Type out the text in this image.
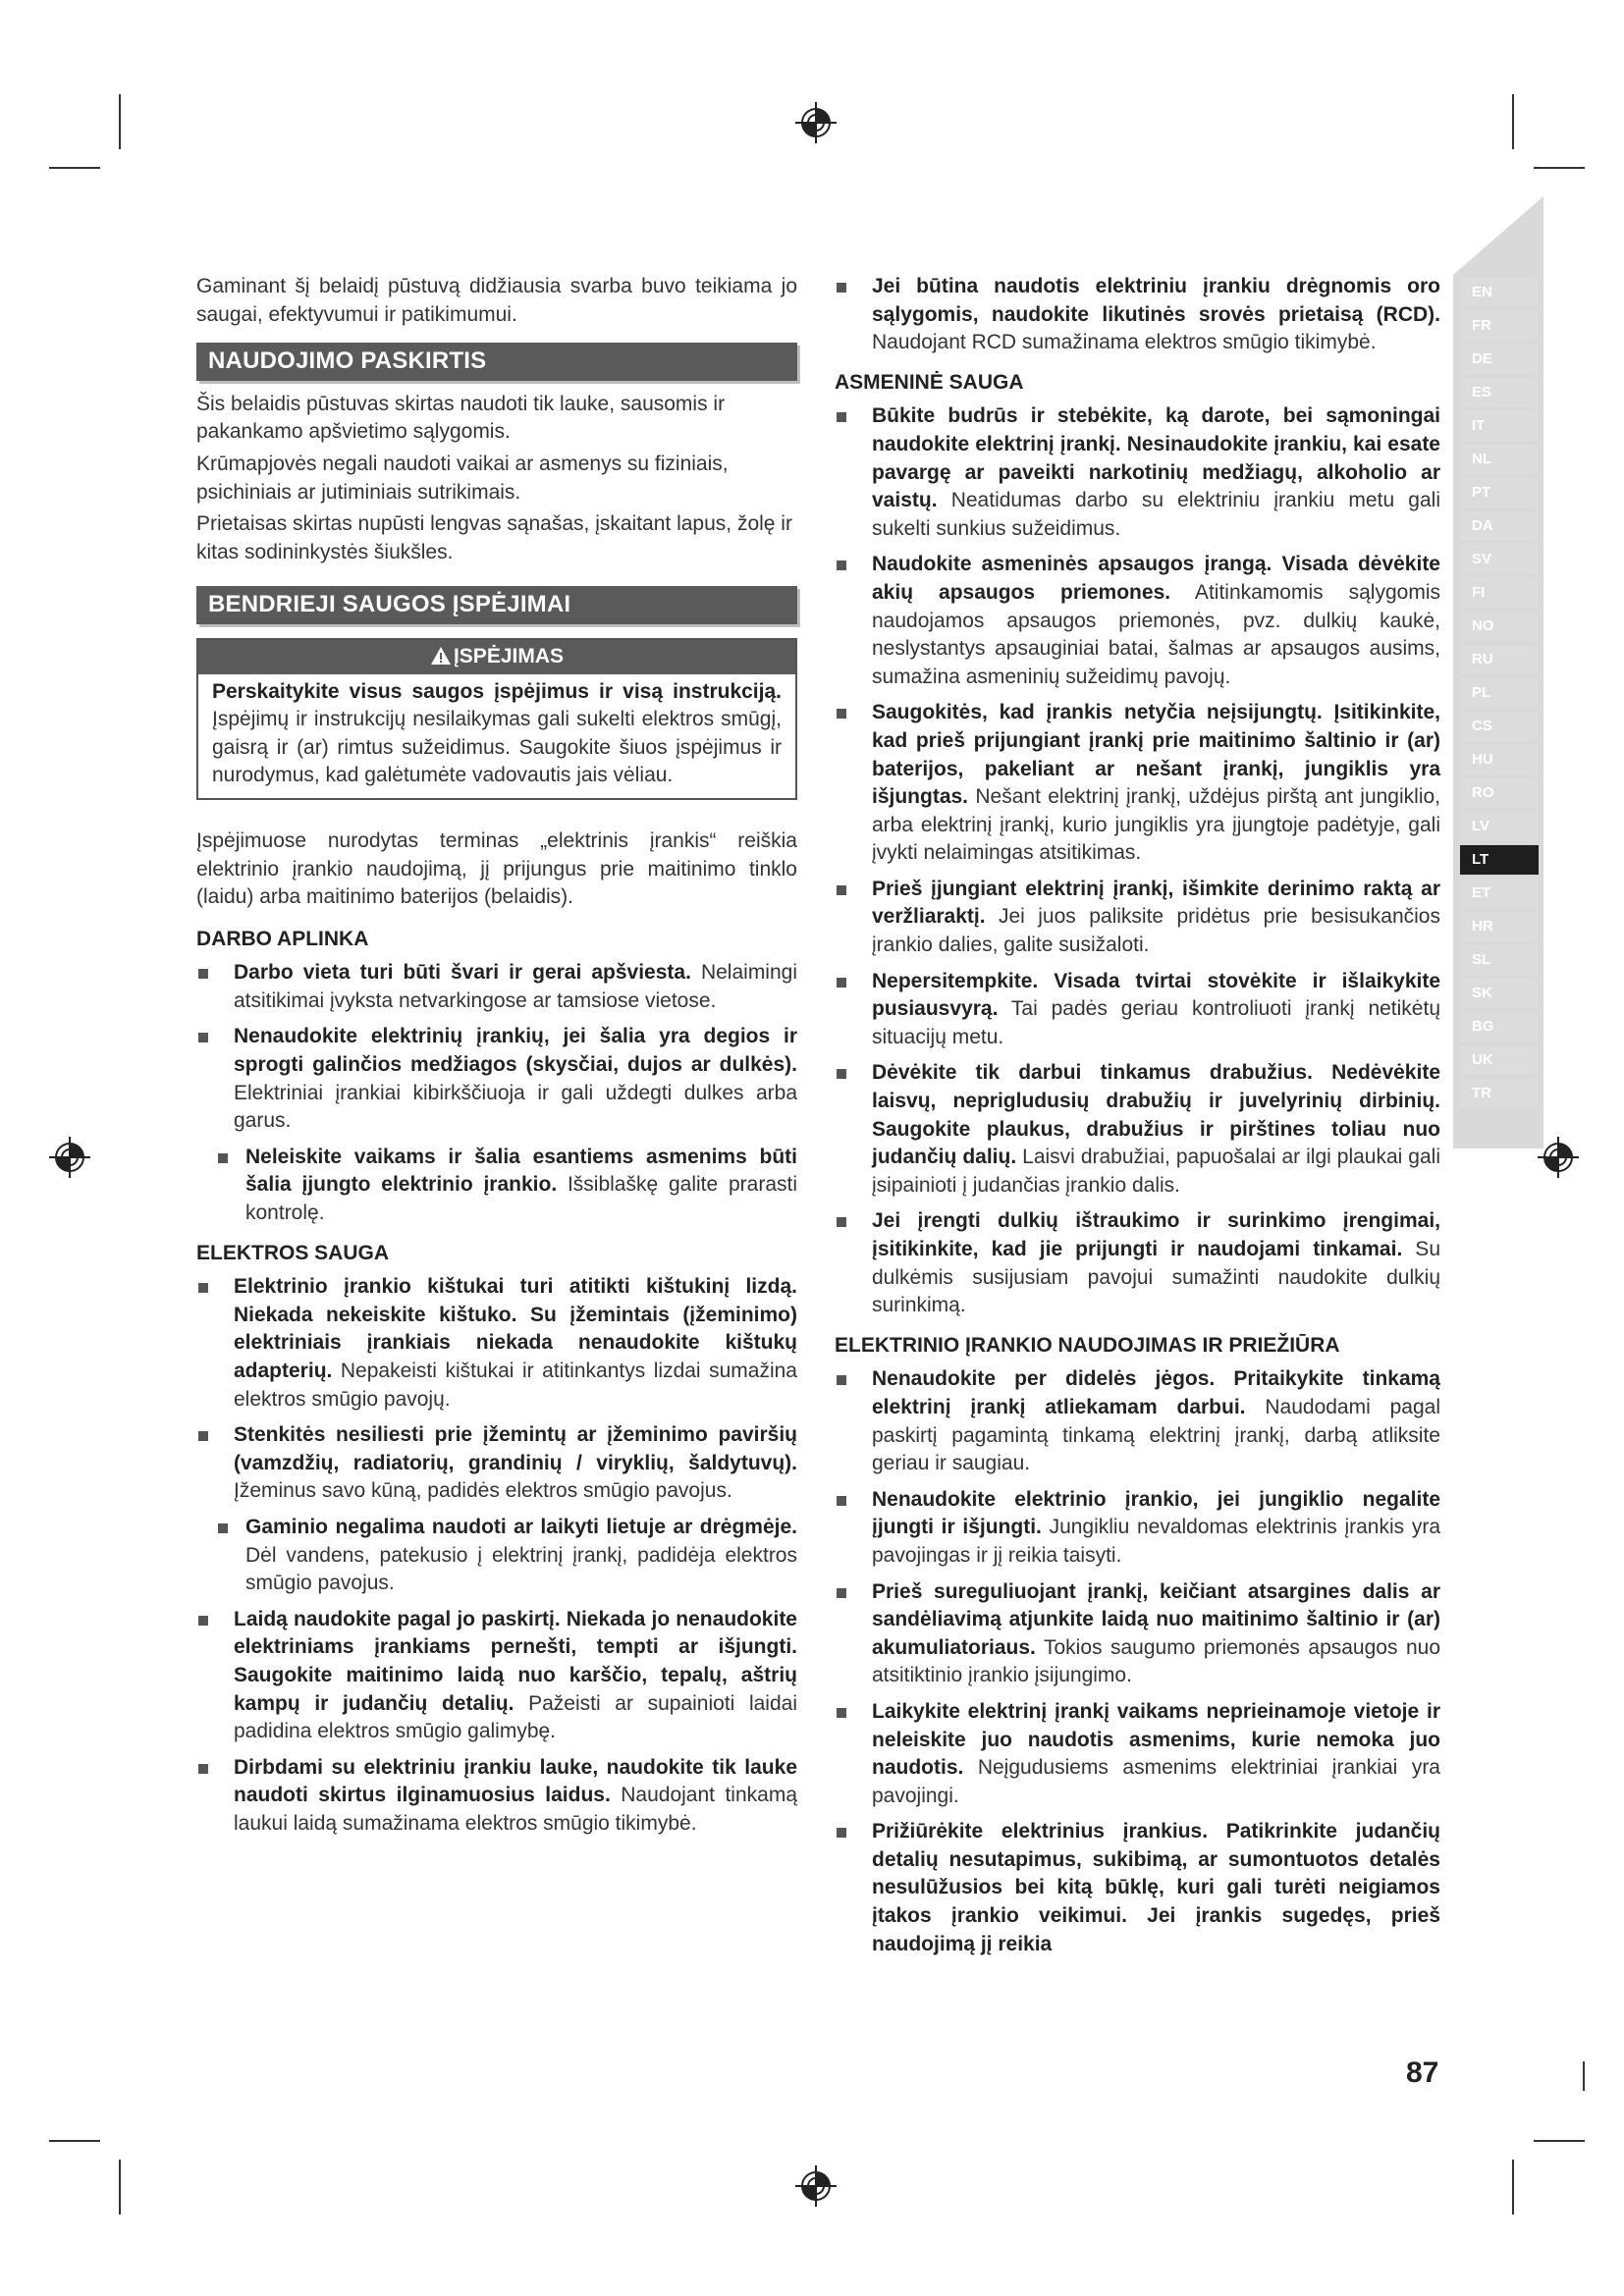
EN
FR
DE
ES
IT
NL
PT
DA
SV
FI
NO
RU
PL
CS
HU
RO
LV
LT
ET
HR
SL
SK
BG
UK
TR

Gaminant šį belaidį pūstuvą didžiausia svarba buvo teikiama jo saugai, efektyvumui ir patikimumui.

NAUDOJIMO PASKIRTIS

Šis belaidis pūstuvas skirtas naudoti tik lauke, sausomis ir pakankamo apšvietimo sąlygomis.

Krūmapjovės negali naudoti vaikai ar asmenys su fiziniais, psichiniais ar jutiminiais sutrikimais.

Prietaisas skirtas nupūsti lengvas sąnašas, įskaitant lapus, žolę ir kitas sodininkystės šiukšles.

BENDRIEJI SAUGOS ĮSPĖJIMAI
ĮSPĖJIMAS

Perskaitykite visus saugos įspėjimus ir visą instrukciją. Įspėjimų ir instrukcijų nesilaikymas gali sukelti elektros smūgį, gaisrą ir (ar) rimtus sužeidimus. Saugokite šiuos įspėjimus ir nurodymus, kad galėtumėte vadovautis jais vėliau.

Įspėjimuose nurodytas terminas „elektrinis įrankis“ reiškia elektrinio įrankio naudojimą, jį prijungus prie maitinimo tinklo (laidu) arba maitinimo baterijos (belaidis).

DARBO APLINKA
Darbo vieta turi būti švari ir gerai apšviesta. Nelaimingi atsitikimai įvyksta netvarkingose ar tamsiose vietose.
Nenaudokite elektrinių įrankių, jei šalia yra degios ir sprogti galinčios medžiagos (skysčiai, dujos ar dulkės). Elektriniai įrankiai kibirkščiuoja ir gali uždegti dulkes arba garus.
Neleiskite vaikams ir šalia esantiems asmenims būti šalia įjungto elektrinio įrankio. Išsiblaškę galite prarasti kontrolę.
ELEKTROS SAUGA
Elektrinio įrankio kištukai turi atitikti kištukinį lizdą. Niekada nekeiskite kištuko. Su įžemintais (įžeminimo) elektriniais įrankiais niekada nenaudokite kištukų adapterių. Nepakeisti kištukai ir atitinkantys lizdai sumažina elektros smūgio pavojų.
Stenkitės nesiliesti prie įžemintų ar įžeminimo paviršių (vamzdžių, radiatorių, grandinių / viryklių, šaldytuvų). Įžeminus savo kūną, padidės elektros smūgio pavojus.
Gaminio negalima naudoti ar laikyti lietuje ar drėgmėje. Dėl vandens, patekusio į elektrinį įrankį, padidėja elektros smūgio pavojus.
Laidą naudokite pagal jo paskirtį. Niekada jo nenaudokite elektriniams įrankiams pernešti, tempti ar išjungti. Saugokite maitinimo laidą nuo karščio, tepalų, aštrių kampų ir judančių detalių. Pažeisti ar supainioti laidai padidina elektros smūgio galimybę.
Dirbdami su elektriniu įrankiu lauke, naudokite tik lauke naudoti skirtus ilginamuosius laidus. Naudojant tinkamą laukui laidą sumažinama elektros smūgio tikimybė.
Jei būtina naudotis elektriniu įrankiu drėgnomis oro sąlygomis, naudokite likutinės srovės prietaisą (RCD). Naudojant RCD sumažinama elektros smūgio tikimybė.
ASMENINĖ SAUGA
Būkite budrūs ir stebėkite, ką darote, bei sąmoningai naudokite elektrinį įrankį. Nesinaudokite įrankiu, kai esate pavargę ar paveikti narkotinių medžiagų, alkoholio ar vaistų. Neatidumas darbo su elektriniu įrankiu metu gali sukelti sunkius sužeidimus.
Naudokite asmeninės apsaugos įrangą. Visada dėvėkite akių apsaugos priemones. Atitinkamomis sąlygomis naudojamos apsaugos priemonės, pvz. dulkių kaukė, neslystantys apsauginiai batai, šalmas ar apsaugos ausims, sumažina asmeninių sužeidimų pavojų.
Saugokitės, kad įrankis netyčia neįsijungtų. Įsitikinkite, kad prieš prijungiant įrankį prie maitinimo šaltinio ir (ar) baterijos, pakeliant ar nešant įrankį, jungiklis yra išjungtas. Nešant elektrinį įrankį, uždėjus pirštą ant jungiklio, arba elektrinį įrankį, kurio jungiklis yra įjungtoje padėtyje, gali įvykti nelaimingas atsitikimas.
Prieš įjungiant elektrinį įrankį, išimkite derinimo raktą ar veržliaraktį. Jei juos paliksite pridėtus prie besisukančios įrankio dalies, galite susižaloti.
Nepersitempkite. Visada tvirtai stovėkite ir išlaikykite pusiausvyrą. Tai padės geriau kontroliuoti įrankį netikėtų situacijų metu.
Dėvėkite tik darbui tinkamus drabužius. Nedėvėkite laisvų, neprigludusių drabužių ir juvelyrinių dirbinių. Saugokite plaukus, drabužius ir pirštines toliau nuo judančių dalių. Laisvi drabužiai, papuošalai ar ilgi plaukai gali įsipainioti į judančias įrankio dalis.
Jei įrengti dulkių ištraukimo ir surinkimo įrengimai, įsitikinkite, kad jie prijungti ir naudojami tinkamai. Su dulkėmis susijusiam pavojui sumažinti naudokite dulkių surinkimą.
ELEKTRINIO ĮRANKIO NAUDOJIMAS IR PRIEŽIŪRA
Nenaudokite per didelės jėgos. Pritaikykite tinkamą elektrinį įrankį atliekamam darbui. Naudodami pagal paskirtį pagamintą tinkamą elektrinį įrankį, darbą atliksite geriau ir saugiau.
Nenaudokite elektrinio įrankio, jei jungiklio negalite įjungti ir išjungti. Jungikliu nevaldomas elektrinis įrankis yra pavojingas ir jį reikia taisyti.
Prieš sureguliuojant įrankį, keičiant atsargines dalis ar sandėliavimą atjunkite laidą nuo maitinimo šaltinio ir (ar) akumuliatoriaus. Tokios saugumo priemonės apsaugos nuo atsitiktinio įrankio įsijungimo.
Laikykite elektrinį įrankį vaikams neprieinamoje vietoje ir neleiskite juo naudotis asmenims, kurie nemoka juo naudotis. Neįgudusiems asmenims elektriniai įrankiai yra pavojingi.
Prižiūrėkite elektrinius įrankius. Patikrinkite judančių detalių nesutapimus, sukibimą, ar sumontuotos detalės nesulūžusios bei kitą būklę, kuri gali turėti neigiamos įtakos įrankio veikimui. Jei įrankis sugedęs, prieš naudojimą jį reikia
87
